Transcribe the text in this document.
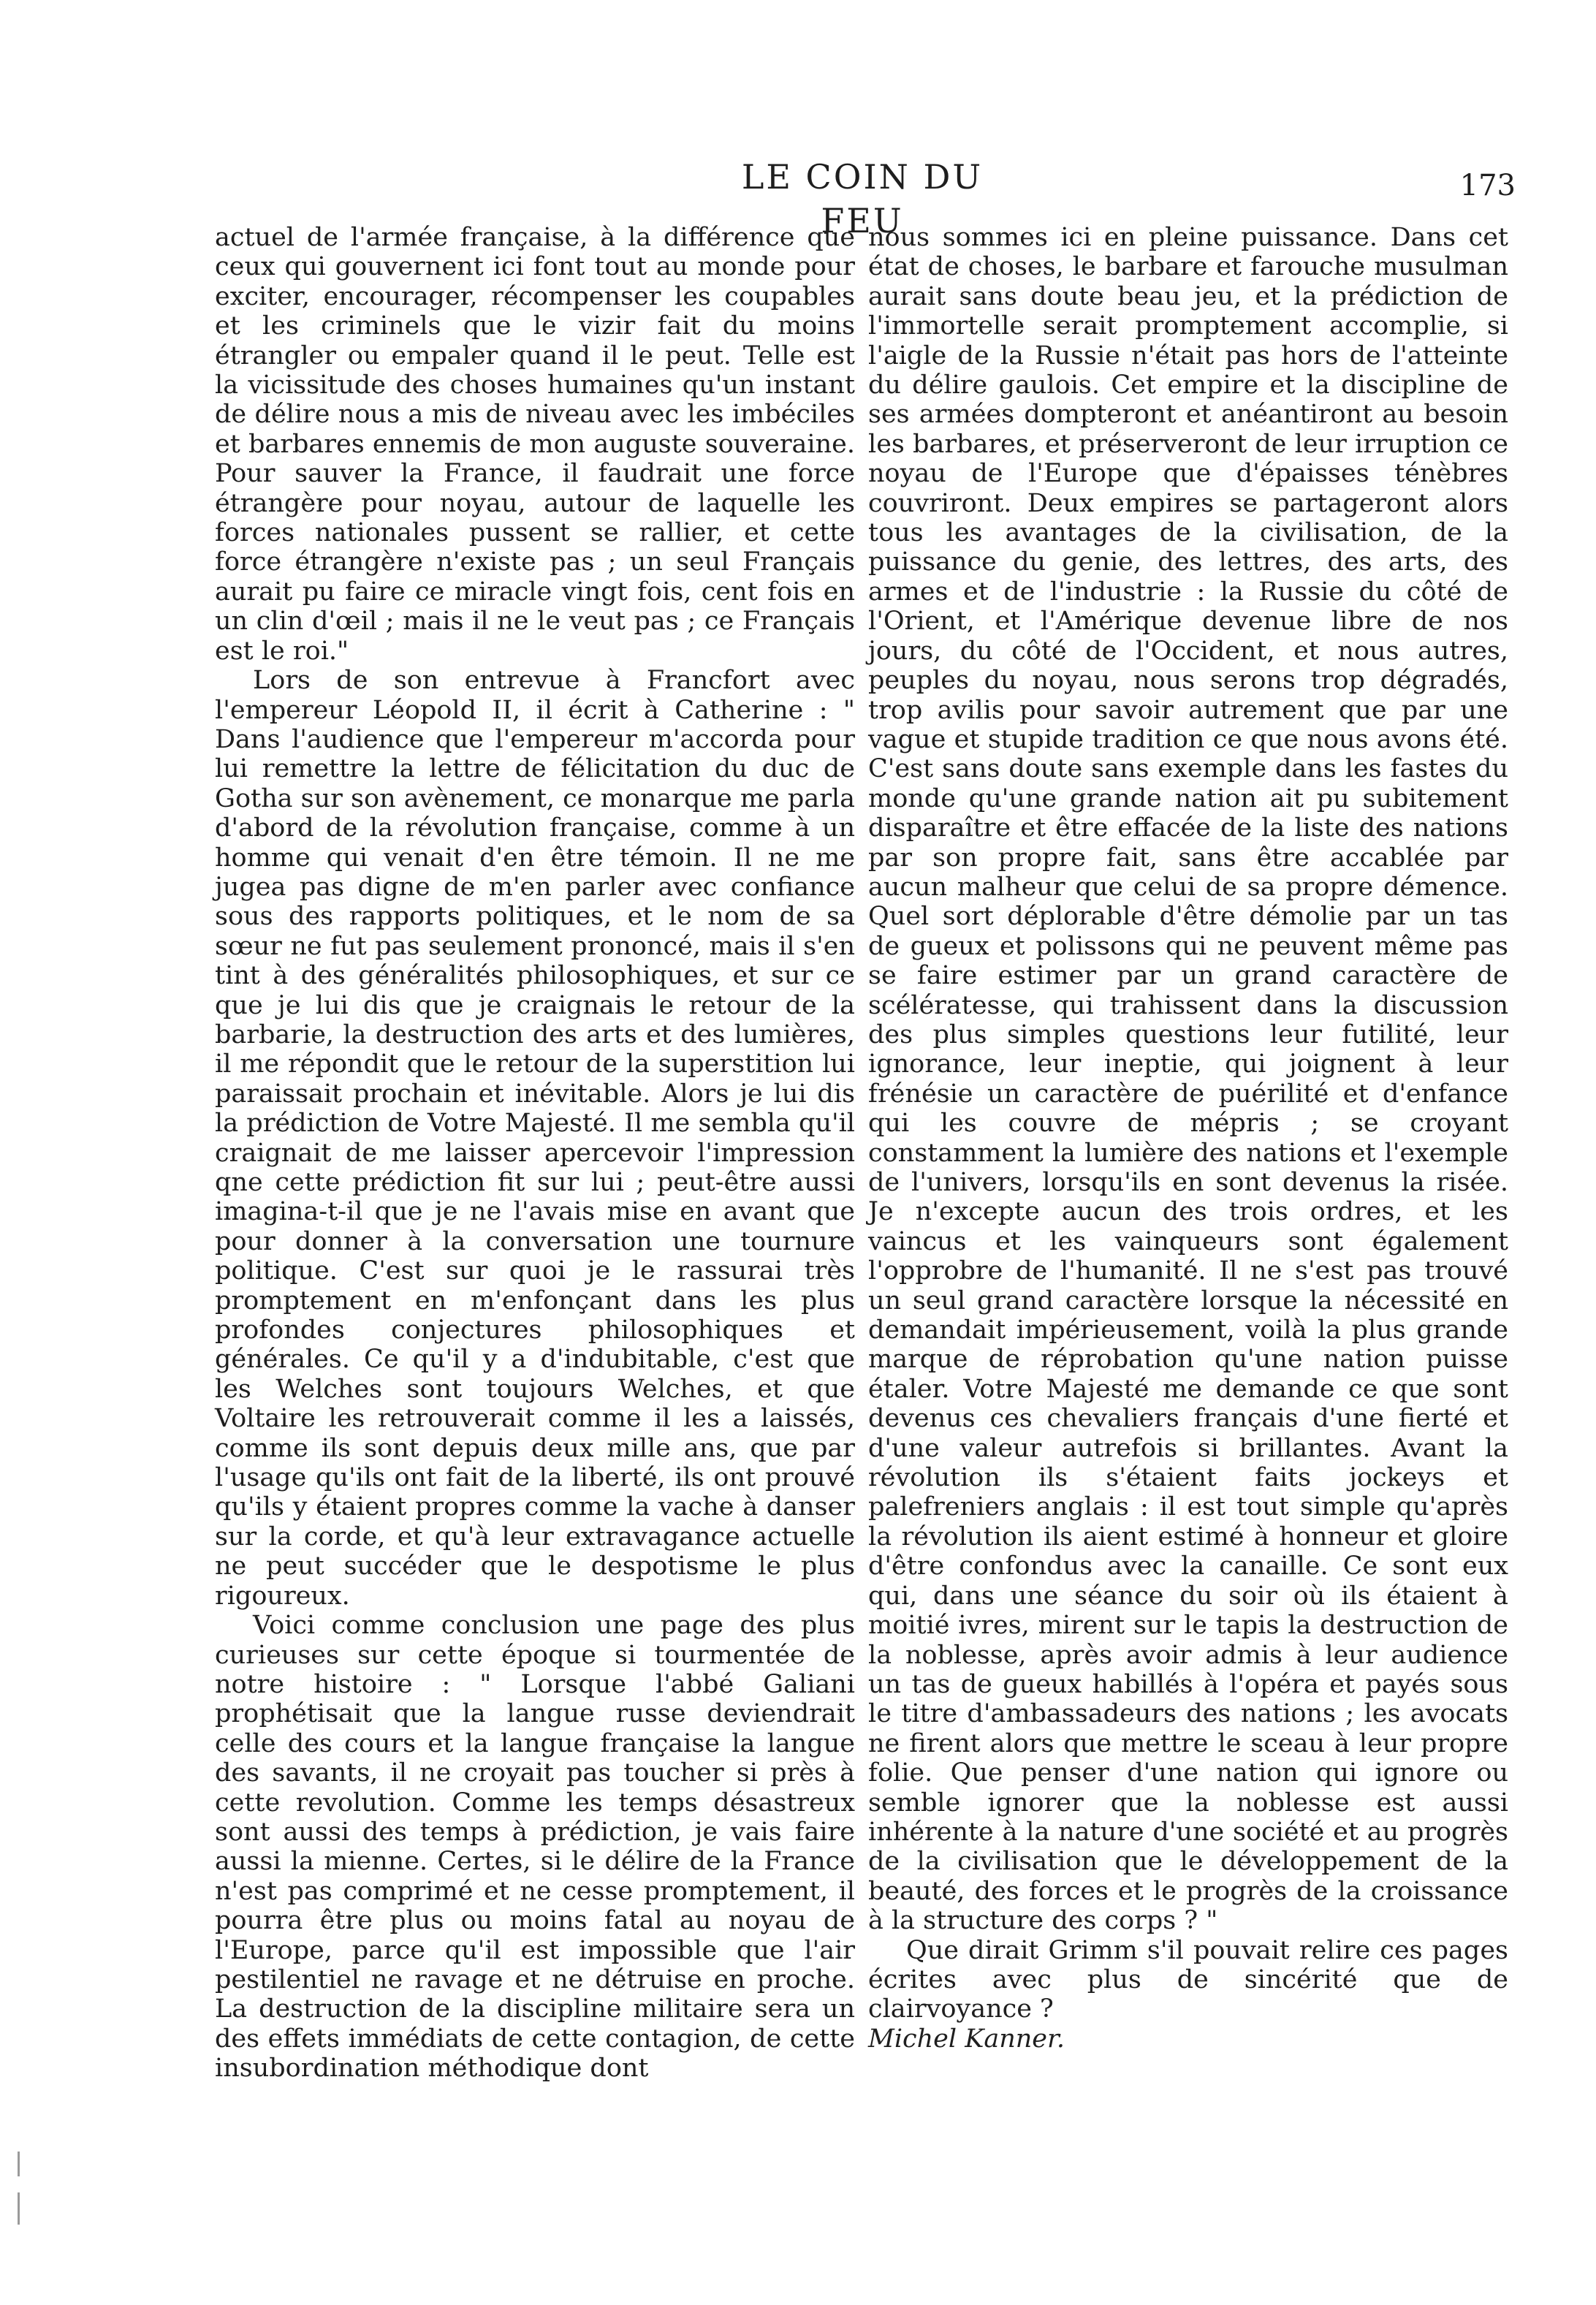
LE COIN DU FEU
173

actuel de l'armée française, à la différence que ceux qui gouvernent ici font tout au monde pour exciter, encourager, récompenser les coupables et les criminels que le vizir fait du moins étrangler ou empaler quand il le peut. Telle est la vicissitude des choses humaines qu'un instant de délire nous a mis de niveau avec les imbéciles et barbares ennemis de mon auguste souveraine. Pour sauver la France, il faudrait une force étrangère pour noyau, autour de laquelle les forces nationales pussent se rallier, et cette force étrangère n'existe pas ; un seul Français aurait pu faire ce miracle vingt fois, cent fois en un clin d'œil ; mais il ne le veut pas ; ce Français est le roi."

Lors de son entrevue à Francfort avec l'empereur Léopold II, il écrit à Catherine : " Dans l'audience que l'empereur m'accorda pour lui remettre la lettre de félicitation du duc de Gotha sur son avènement, ce monarque me parla d'abord de la révolution française, comme à un homme qui venait d'en être témoin. Il ne me jugea pas digne de m'en parler avec confiance sous des rapports politiques, et le nom de sa sœur ne fut pas seulement prononcé, mais il s'en tint à des généralités philosophiques, et sur ce que je lui dis que je craignais le retour de la barbarie, la destruction des arts et des lumières, il me répondit que le retour de la superstition lui paraissait prochain et inévitable. Alors je lui dis la prédiction de Votre Majesté. Il me sembla qu'il craignait de me laisser apercevoir l'impression qne cette prédiction fit sur lui ; peut-être aussi imagina-t-il que je ne l'avais mise en avant que pour donner à la conversation une tournure politique. C'est sur quoi je le rassurai très promptement en m'enfonçant dans les plus profondes conjectures philosophiques et générales. Ce qu'il y a d'indubitable, c'est que les Welches sont toujours Welches, et que Voltaire les retrouverait comme il les a laissés, comme ils sont depuis deux mille ans, que par l'usage qu'ils ont fait de la liberté, ils ont prouvé qu'ils y étaient propres comme la vache à danser sur la corde, et qu'à leur extravagance actuelle ne peut succéder que le despotisme le plus rigoureux.

Voici comme conclusion une page des plus curieuses sur cette époque si tourmentée de notre histoire : " Lorsque l'abbé Galiani prophétisait que la langue russe deviendrait celle des cours et la langue française la langue des savants, il ne croyait pas toucher si près à cette revolution. Comme les temps désastreux sont aussi des temps à prédiction, je vais faire aussi la mienne. Certes, si le délire de la France n'est pas comprimé et ne cesse promptement, il pourra être plus ou moins fatal au noyau de l'Europe, parce qu'il est impossible que l'air pestilentiel ne ravage et ne détruise en proche. La destruction de la discipline militaire sera un des effets immédiats de cette contagion, de cette insubordination méthodique dont

nous sommes ici en pleine puissance. Dans cet état de choses, le barbare et farouche musulman aurait sans doute beau jeu, et la prédiction de l'immortelle serait promptement accomplie, si l'aigle de la Russie n'était pas hors de l'atteinte du délire gaulois. Cet empire et la discipline de ses armées dompteront et anéantiront au besoin les barbares, et préserveront de leur irruption ce noyau de l'Europe que d'épaisses ténèbres couvriront. Deux empires se partageront alors tous les avantages de la civilisation, de la puissance du genie, des lettres, des arts, des armes et de l'industrie : la Russie du côté de l'Orient, et l'Amérique devenue libre de nos jours, du côté de l'Occident, et nous autres, peuples du noyau, nous serons trop dégradés, trop avilis pour savoir autrement que par une vague et stupide tradition ce que nous avons été. C'est sans doute sans exemple dans les fastes du monde qu'une grande nation ait pu subitement disparaître et être effacée de la liste des nations par son propre fait, sans être accablée par aucun malheur que celui de sa propre démence. Quel sort déplorable d'être démolie par un tas de gueux et polissons qui ne peuvent même pas se faire estimer par un grand caractère de scélératesse, qui trahissent dans la discussion des plus simples questions leur futilité, leur ignorance, leur ineptie, qui joignent à leur frénésie un caractère de puérilité et d'enfance qui les couvre de mépris ; se croyant constamment la lumière des nations et l'exemple de l'univers, lorsqu'ils en sont devenus la risée. Je n'excepte aucun des trois ordres, et les vaincus et les vainqueurs sont également l'opprobre de l'humanité. Il ne s'est pas trouvé un seul grand caractère lorsque la nécessité en demandait impérieusement, voilà la plus grande marque de réprobation qu'une nation puisse étaler. Votre Majesté me demande ce que sont devenus ces chevaliers français d'une fierté et d'une valeur autrefois si brillantes. Avant la révolution ils s'étaient faits jockeys et palefreniers anglais : il est tout simple qu'après la révolution ils aient estimé à honneur et gloire d'être confondus avec la canaille. Ce sont eux qui, dans une séance du soir où ils étaient à moitié ivres, mirent sur le tapis la destruction de la noblesse, après avoir admis à leur audience un tas de gueux habillés à l'opéra et payés sous le titre d'ambassadeurs des nations ; les avocats ne firent alors que mettre le sceau à leur propre folie. Que penser d'une nation qui ignore ou semble ignorer que la noblesse est aussi inhérente à la nature d'une société et au progrès de la civilisation que le développement de la beauté, des forces et le progrès de la croissance à la structure des corps ? "

Que dirait Grimm s'il pouvait relire ces pages écrites avec plus de sincérité que de clairvoyance ?

Michel Kanner.
